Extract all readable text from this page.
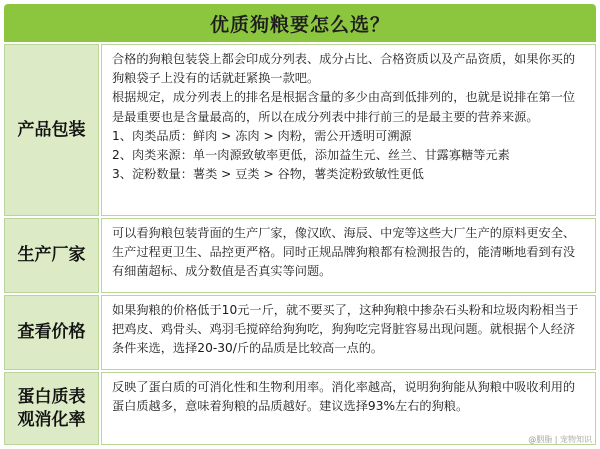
优质狗粮要怎么选？
产品包装

合格的狗粮包装袋上都会印成分列表、成分占比、合格资质以及产品资质，如果你买的狗粮袋子上没有的话就赶紧换一款吧。

根据规定，成分列表上的排名是根据含量的多少由高到低排列的，也就是说排在第一位是最重要也是含量最高的，所以在成分列表中排行前三的是最主要的营养来源。

1、肉类品质：鲜肉 > 冻肉 > 肉粉，需公开透明可溯源

2、肉类来源：单一肉源致敏率更低，添加益生元、丝兰、甘露寡糖等元素

3、淀粉数量：薯类 > 豆类 > 谷物，薯类淀粉致敏性更低

生产厂家

可以看狗粮包装背面的生产厂家，像汉欧、海辰、中宠等这些大厂生产的原料更安全、生产过程更卫生、品控更严格。同时正规品牌狗粮都有检测报告的，能清晰地看到有没有细菌超标、成分数值是否真实等问题。

查看价格

如果狗粮的价格低于10元一斤，就不要买了，这种狗粮中掺杂石头粉和垃圾肉粉相当于把鸡皮、鸡骨头、鸡羽毛搅碎给狗狗吃，狗狗吃完肾脏容易出现问题。就根据个人经济条件来选，选择20-30/斤的品质是比较高一点的。

蛋白质表
观消化率

反映了蛋白质的可消化性和生物利用率。消化率越高，说明狗狗能从狗粮中吸收利用的蛋白质越多，意味着狗粮的品质越好。建议选择93%左右的狗粮。

@胭脂 | 宠物知识
